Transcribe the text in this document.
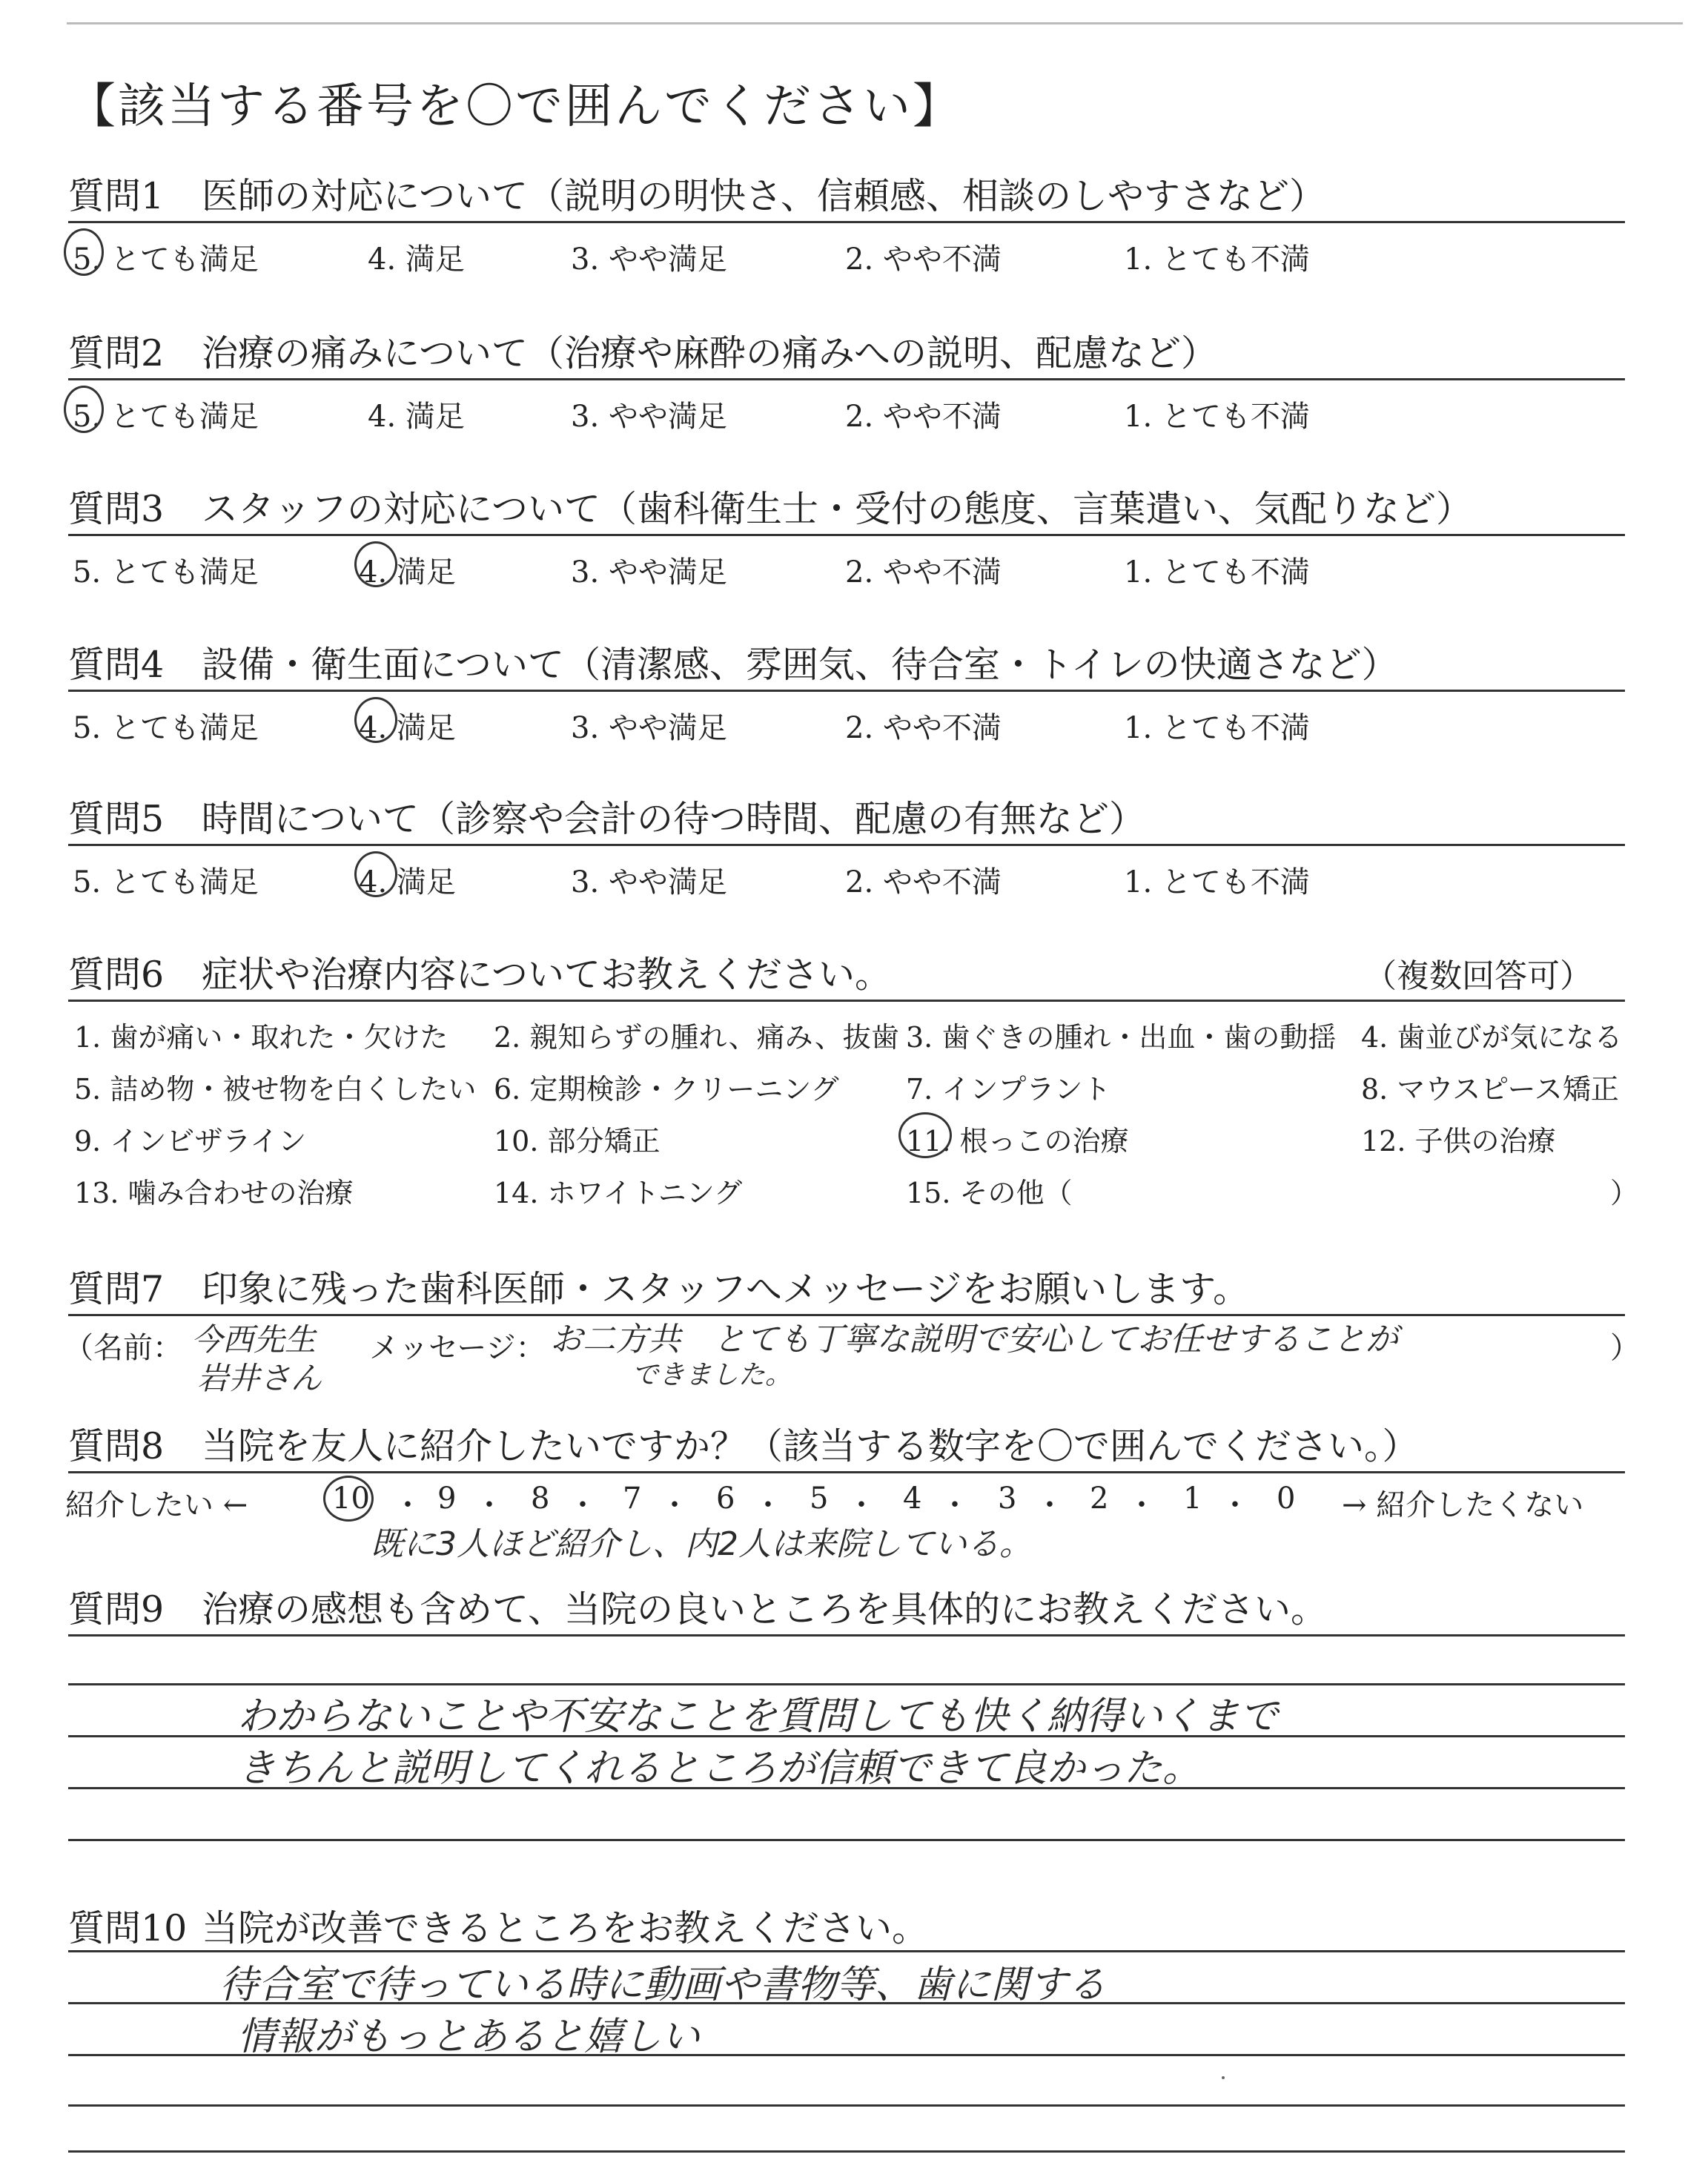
【該当する番号を〇で囲んでください】
質問1 医師の対応について（説明の明快さ、信頼感、相談のしやすさなど）
5. とても満足	4. 満足	3. やや満足	2. やや不満	1. とても不満
質問2 治療の痛みについて（治療や麻酔の痛みへの説明、配慮など）
5. とても満足	4. 満足	3. やや満足	2. やや不満	1. とても不満
質問3 スタッフの対応について（歯科衛生士・受付の態度、言葉遣い、気配りなど）
5. とても満足	4. 満足	3. やや満足	2. やや不満	1. とても不満
質問4 設備・衛生面について（清潔感、雰囲気、待合室・トイレの快適さなど）
5. とても満足	4. 満足	3. やや満足	2. やや不満	1. とても不満
質問5 時間について（診察や会計の待つ時間、配慮の有無など）
5. とても満足	4. 満足	3. やや満足	2. やや不満	1. とても不満
質問6 症状や治療内容についてお教えください。	（複数回答可）
1. 歯が痛い・取れた・欠けた 2. 親知らずの腫れ、痛み、抜歯 3. 歯ぐきの腫れ・出血・歯の動揺 4. 歯並びが気になる
5. 詰め物・被せ物を白くしたい 6. 定期検診・クリーニング 7. インプラント	8. マウスピース矯正
9. インビザライン	10. 部分矯正	11. 根っこの治療	12. 子供の治療
13. 噛み合わせの治療	14. ホワイトニング	15. その他（	）
質問7 印象に残った歯科医師・スタッフへメッセージをお願いします。
（名前： 今西先生
岩井さん
メッセージ： お二方共　とても丁寧な説明で安心してお任せすることが
できました。
）
質問8 当院を友人に紹介したいですか？（該当する数字を〇で囲んでください。）
紹介したい ←	10 ・ 9 ・ 8 ・ 7 ・ 6 ・ 5 ・ 4 ・ 3 ・ 2 ・ 1 ・ 0 → 紹介したくない
既に3人ほど紹介し、内2人は来院している。
質問9 治療の感想も含めて、当院の良いところを具体的にお教えください。
わからないことや不安なことを質問しても快く納得いくまで
きちんと説明してくれるところが信頼できて良かった。
質問10 当院が改善できるところをお教えください。
待合室で待っている時に動画や書物等、歯に関する
情報がもっとあると嬉しい
